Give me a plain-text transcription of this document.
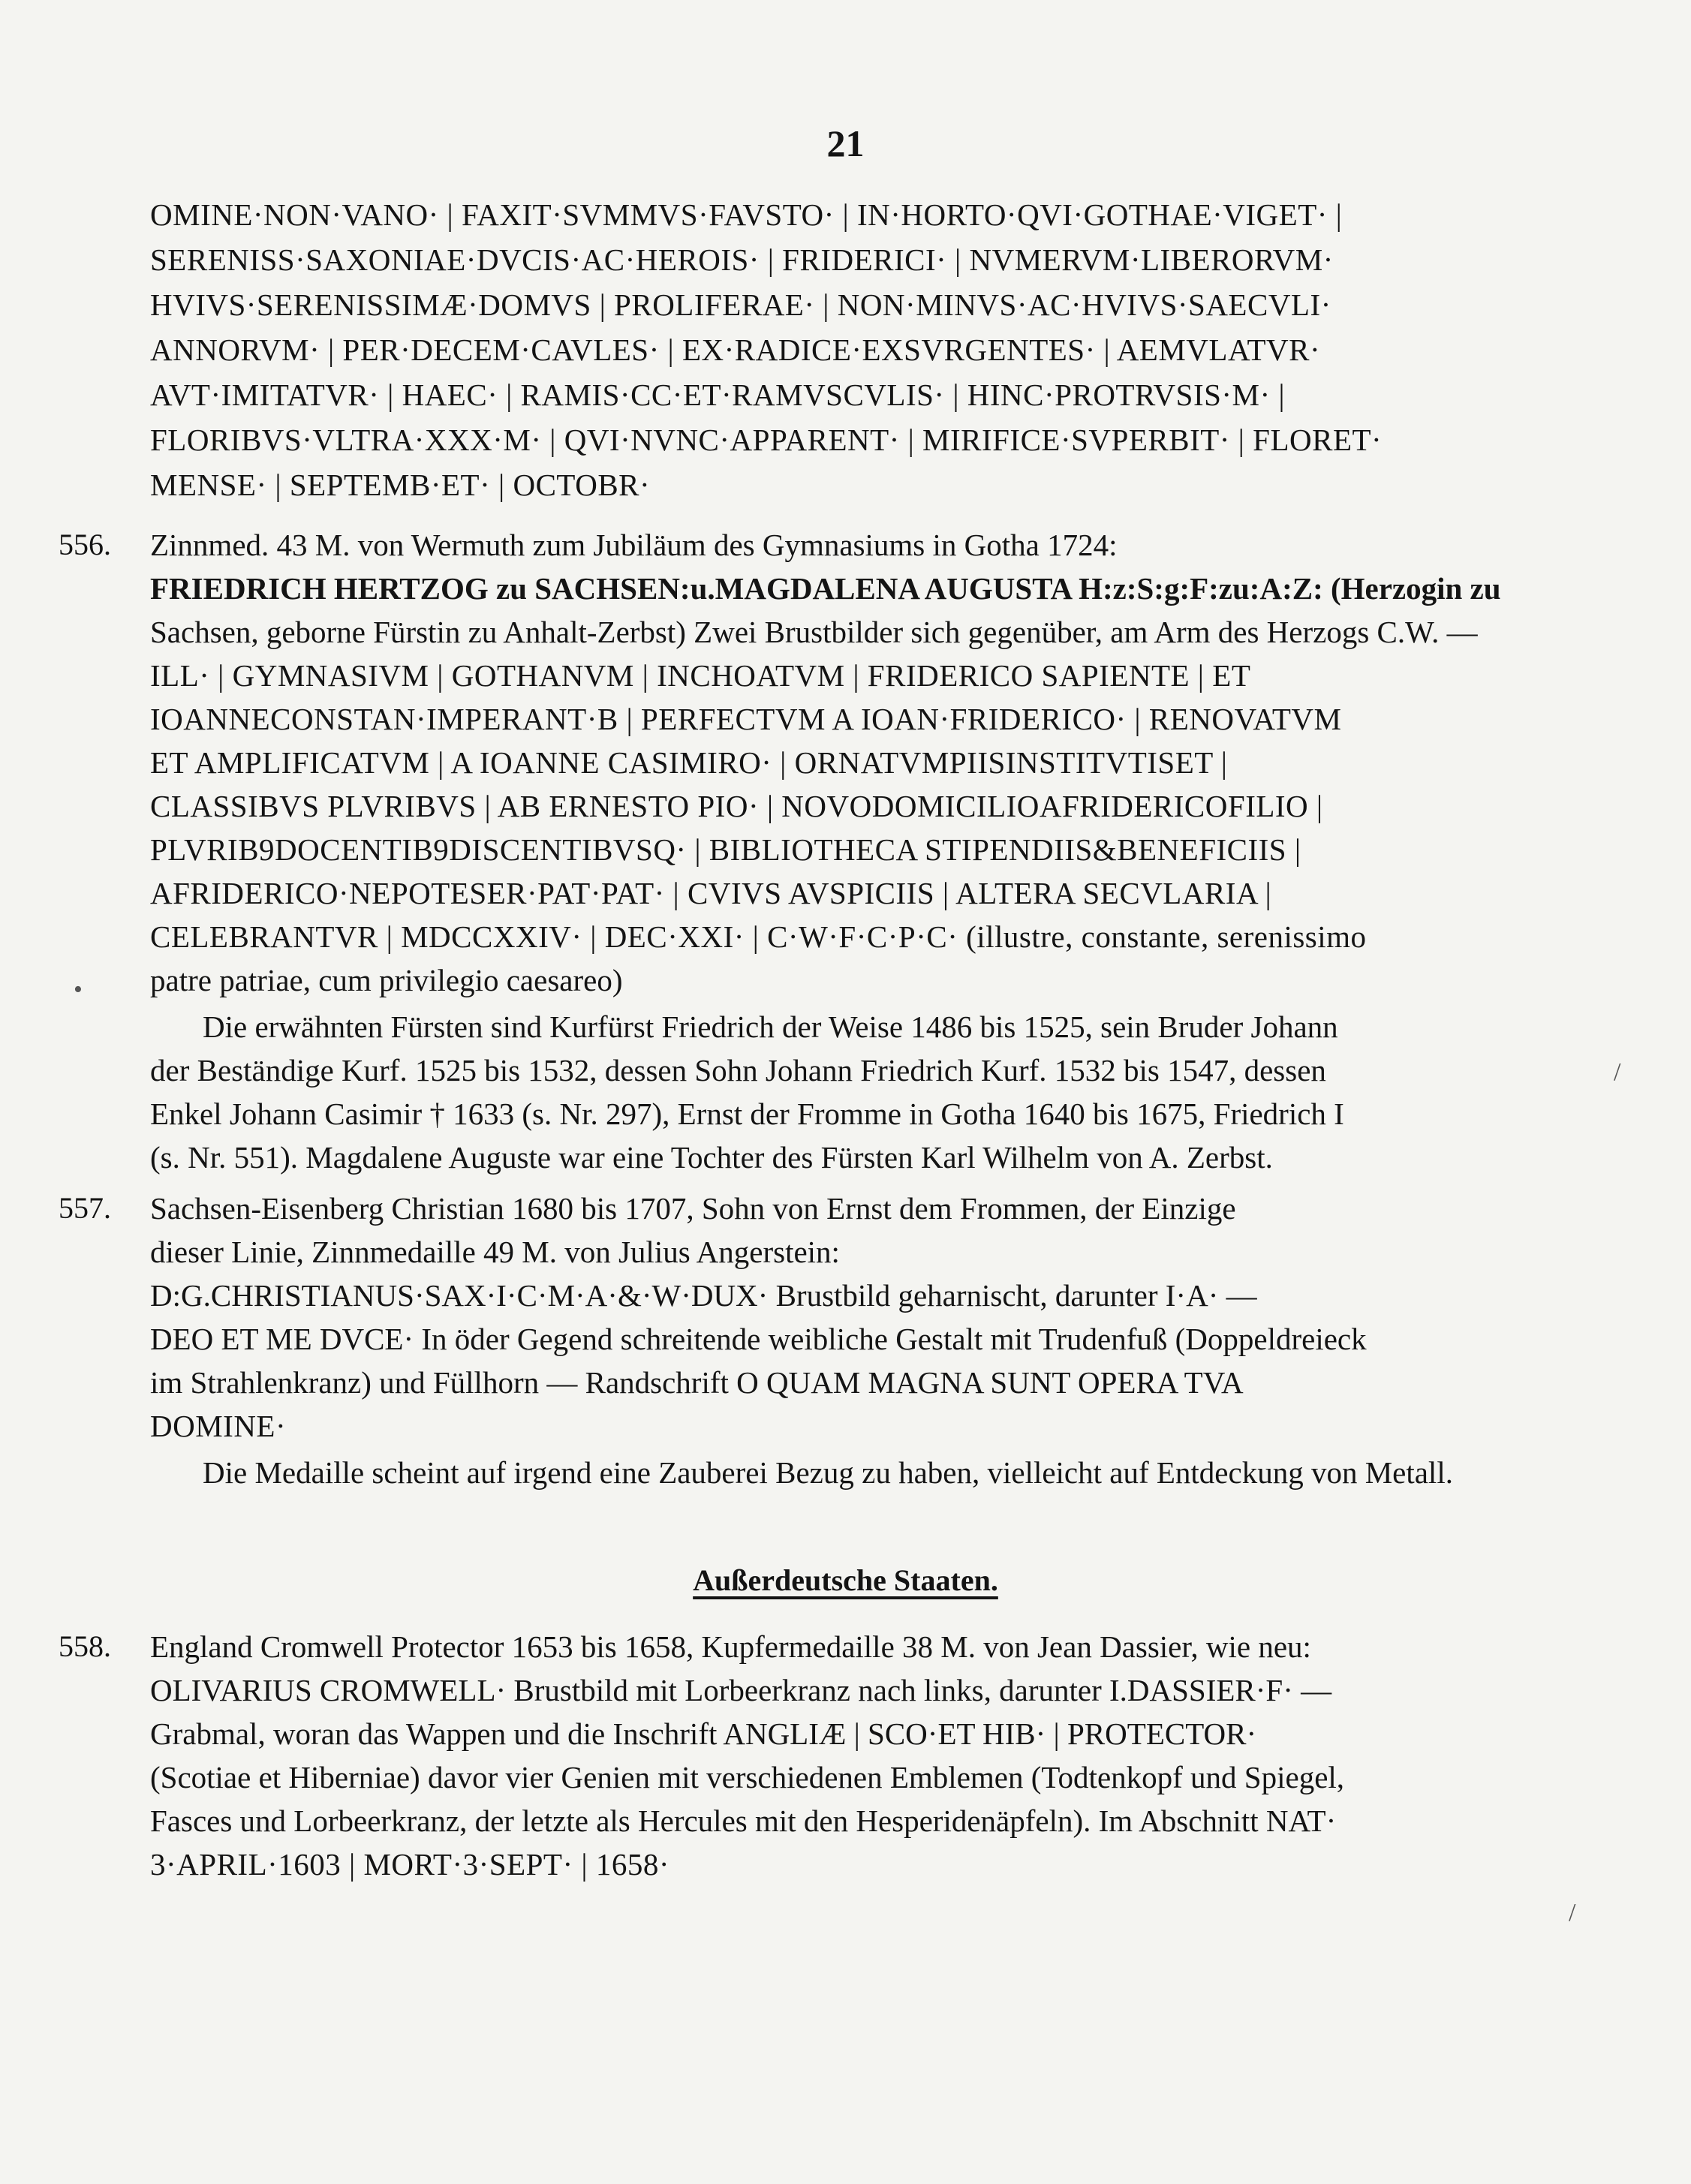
21
OMINE·NON·VANO· | FAXIT·SVMMVS·FAVSTO· | IN·HORTO·QVI·GOTHAE·VIGET· |
SERENISS·SAXONIAE·DVCIS·AC·HEROIS· | FRIDERICI· | NVMERVM·LIBERORVM·
HVIVS·SERENISSIMÆ·DOMVS | PROLIFERAE· | NON·MINVS·AC·HVIVS·SAECVLI·
ANNORVM· | PER·DECEM·CAVLES· | EX·RADICE·EXSVRGENTES· | AEMVLATVR·
AVT·IMITATVR· | HAEC· | RAMIS·CC·ET·RAMVSCVLIS· | HINC·PROTRVSIS·M· |
FLORIBVS·VLTRA·XXX·M· | QVI·NVNC·APPARENT· | MIRIFICE·SVPERBIT· | FLORET·
MENSE· | SEPTEMB·ET· | OCTOBR·
556. Zinnmed. 43 M. von Wermuth zum Jubiläum des Gymnasiums in Gotha 1724:
FRIEDRICH HERTZOG zu SACHSEN:u.MAGDALENA AUGUSTA H:z:S:g:F:zu:A:Z: (Herzogin zu
Sachsen, geborne Fürstin zu Anhalt-Zerbst) Zwei Brustbilder sich gegenüber, am Arm des Herzogs C.W. —
ILL· | GYMNASIVM | GOTHANVM | INCHOATVM | FRIDERICO SAPIENTE | ET
IOANNECONSTAN·IMPERANT·B | PERFECTVM A IOAN·FRIDERICO· | RENOVATVM
ET AMPLIFICATVM | A IOANNE CASIMIRO· | ORNATVMPIISINSTITVTISET |
CLASSIBVS PLVRIBVS | AB ERNESTO PIO· | NOVODOMICILIOAFRIDERICOFILIO |
PLVRIB9DOCENTIB9DISCENTIBVSQ· | BIBLIOTHECA STIPENDIIS&BENEFICIIS |
AFRIDERICO·NEPOTESER·PAT·PAT· | CVIVS AVSPICIIS | ALTERA SECVLARIA |
CELEBRANTVR | MDCCXXIV· | DEC·XXI· | C·W·F·C·P·C· (illustre, constante, serenissimo
patre patriae, cum privilegio caesareo)
Die erwähnten Fürsten sind Kurfürst Friedrich der Weise 1486 bis 1525, sein Bruder Johann
der Beständige Kurf. 1525 bis 1532, dessen Sohn Johann Friedrich Kurf. 1532 bis 1547, dessen
Enkel Johann Casimir † 1633 (s. Nr. 297), Ernst der Fromme in Gotha 1640 bis 1675, Friedrich I
(s. Nr. 551). Magdalene Auguste war eine Tochter des Fürsten Karl Wilhelm von A. Zerbst.
557. Sachsen-Eisenberg Christian 1680 bis 1707, Sohn von Ernst dem Frommen, der Einzige
dieser Linie, Zinnmedaille 49 M. von Julius Angerstein:
D:G.CHRISTIANUS·SAX·I·C·M·A·&·W·DUX· Brustbild geharnischt, darunter I·A· —
DEO ET ME DVCE· In öder Gegend schreitende weibliche Gestalt mit Trudenfuß (Doppeldreieck
im Strahlenkranz) und Füllhorn — Randschrift O QUAM MAGNA SUNT OPERA TVA
DOMINE·
Die Medaille scheint auf irgend eine Zauberei Bezug zu haben, vielleicht auf Entdeckung von Metall.
Außerdeutsche Staaten.
558. England Cromwell Protector 1653 bis 1658, Kupfermedaille 38 M. von Jean Dassier, wie neu:
OLIVARIUS CROMWELL· Brustbild mit Lorbeerkranz nach links, darunter I.DASSIER·F· —
Grabmal, woran das Wappen und die Inschrift ANGLIÆ | SCO·ET HIB· | PROTECTOR·
(Scotiae et Hiberniae) davor vier Genien mit verschiedenen Emblemen (Todtenkopf und Spiegel,
Fasces und Lorbeerkranz, der letzte als Hercules mit den Hesperidenäpfeln). Im Abschnitt NAT·
3·APRIL·1603 | MORT·3·SEPT· | 1658·
•
/
/
